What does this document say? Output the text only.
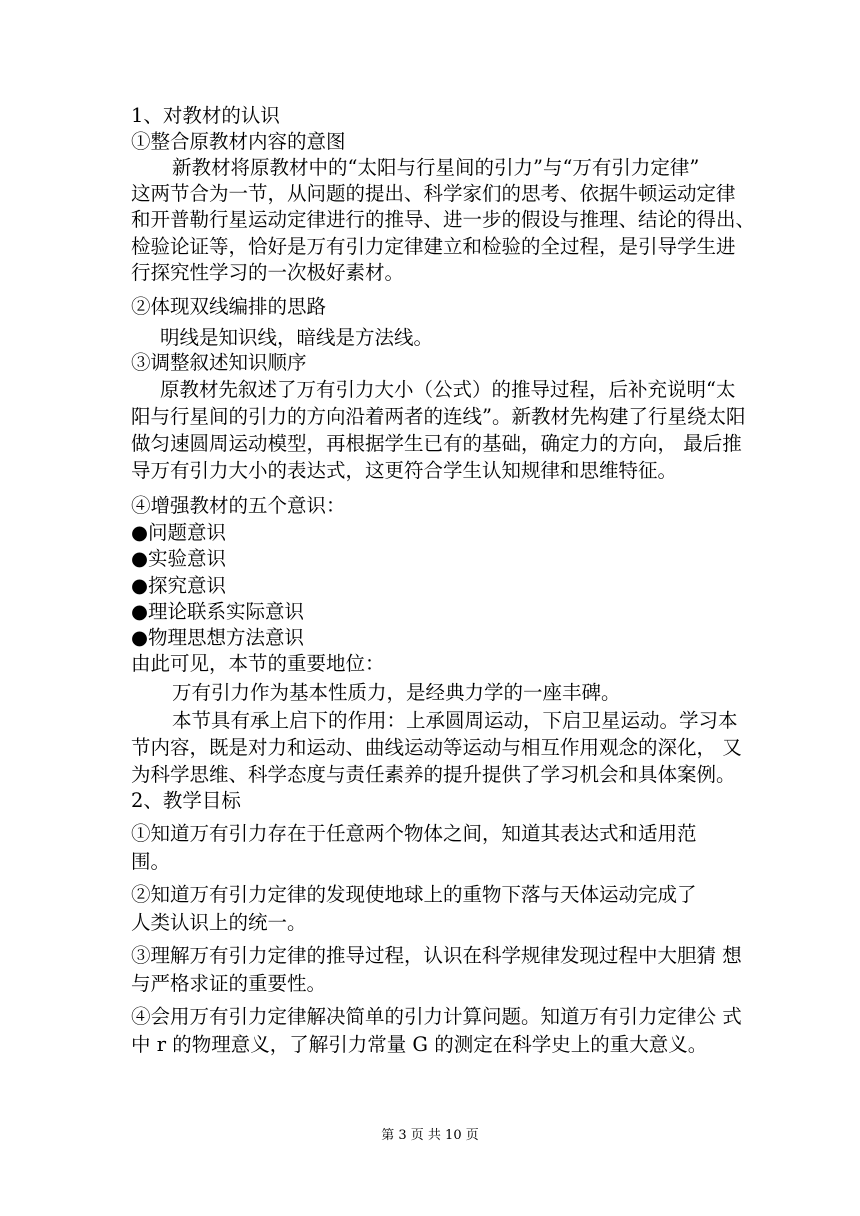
1、对教材的认识
①整合原教材内容的意图
新教材将原教材中的“太阳与行星间的引力”与“万有引力定律”
这两节合为一节，从问题的提出、科学家们的思考、依据牛顿运动定律
和开普勒行星运动定律进行的推导、进一步的假设与推理、结论的得出、
检验论证等，恰好是万有引力定律建立和检验的全过程，是引导学生进
行探究性学习的一次极好素材。
②体现双线编排的思路
明线是知识线，暗线是方法线。
③调整叙述知识顺序
原教材先叙述了万有引力大小（公式）的推导过程，后补充说明“太
阳与行星间的引力的方向沿着两者的连线”。新教材先构建了行星绕太阳
做匀速圆周运动模型，再根据学生已有的基础，确定力的方向， 最后推
导万有引力大小的表达式，这更符合学生认知规律和思维特征。
④增强教材的五个意识：
●问题意识
●实验意识
●探究意识
●理论联系实际意识
●物理思想方法意识
由此可见，本节的重要地位：
万有引力作为基本性质力，是经典力学的一座丰碑。
本节具有承上启下的作用：上承圆周运动，下启卫星运动。学习本
节内容，既是对力和运动、曲线运动等运动与相互作用观念的深化， 又
为科学思维、科学态度与责任素养的提升提供了学习机会和具体案例。
2、教学目标
①知道万有引力存在于任意两个物体之间，知道其表达式和适用范
围。
②知道万有引力定律的发现使地球上的重物下落与天体运动完成了
人类认识上的统一。
③理解万有引力定律的推导过程，认识在科学规律发现过程中大胆猜 想
与严格求证的重要性。
④会用万有引力定律解决简单的引力计算问题。知道万有引力定律公 式
中 r 的物理意义，了解引力常量 G 的测定在科学史上的重大意义。
第 3 页 共 10 页
